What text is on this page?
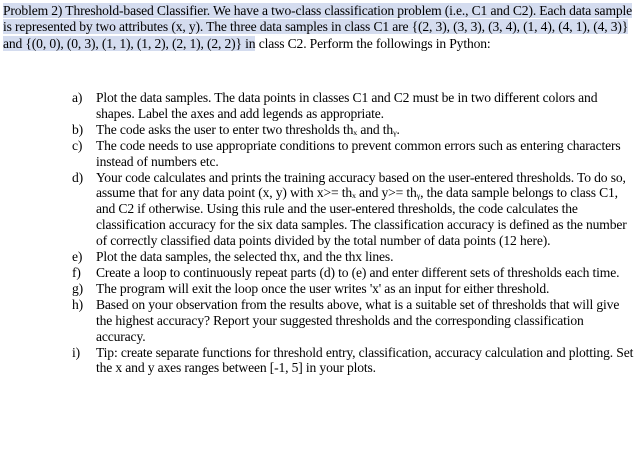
Problem 2) Threshold-based Classifier. We have a two-class classification problem (i.e., C1 and C2). Each data sample is represented by two attributes (x, y). The three data samples in class C1 are {(2, 3), (3, 3), (3, 4), (1, 4), (4, 1), (4, 3)} and {(0, 0), (0, 3), (1, 1), (1, 2), (2, 1), (2, 2)} in class C2. Perform the followings in Python:

a) Plot the data samples. The data points in classes C1 and C2 must be in two different colors and shapes. Label the axes and add legends as appropriate.
b) The code asks the user to enter two thresholds thₓ and thᵧ.
c) The code needs to use appropriate conditions to prevent common errors such as entering characters instead of numbers etc.
d) Your code calculates and prints the training accuracy based on the user-entered thresholds. To do so, assume that for any data point (x, y) with x>= thₓ and y>= thᵧ, the data sample belongs to class C1, and C2 if otherwise. Using this rule and the user-entered thresholds, the code calculates the classification accuracy for the six data samples. The classification accuracy is defined as the number of correctly classified data points divided by the total number of data points (12 here).
e) Plot the data samples, the selected thx, and the thx lines.
f) Create a loop to continuously repeat parts (d) to (e) and enter different sets of thresholds each time.
g) The program will exit the loop once the user writes 'x' as an input for either threshold.
h) Based on your observation from the results above, what is a suitable set of thresholds that will give the highest accuracy? Report your suggested thresholds and the corresponding classification accuracy.
i) Tip: create separate functions for threshold entry, classification, accuracy calculation and plotting. Set the x and y axes ranges between [-1, 5] in your plots.
